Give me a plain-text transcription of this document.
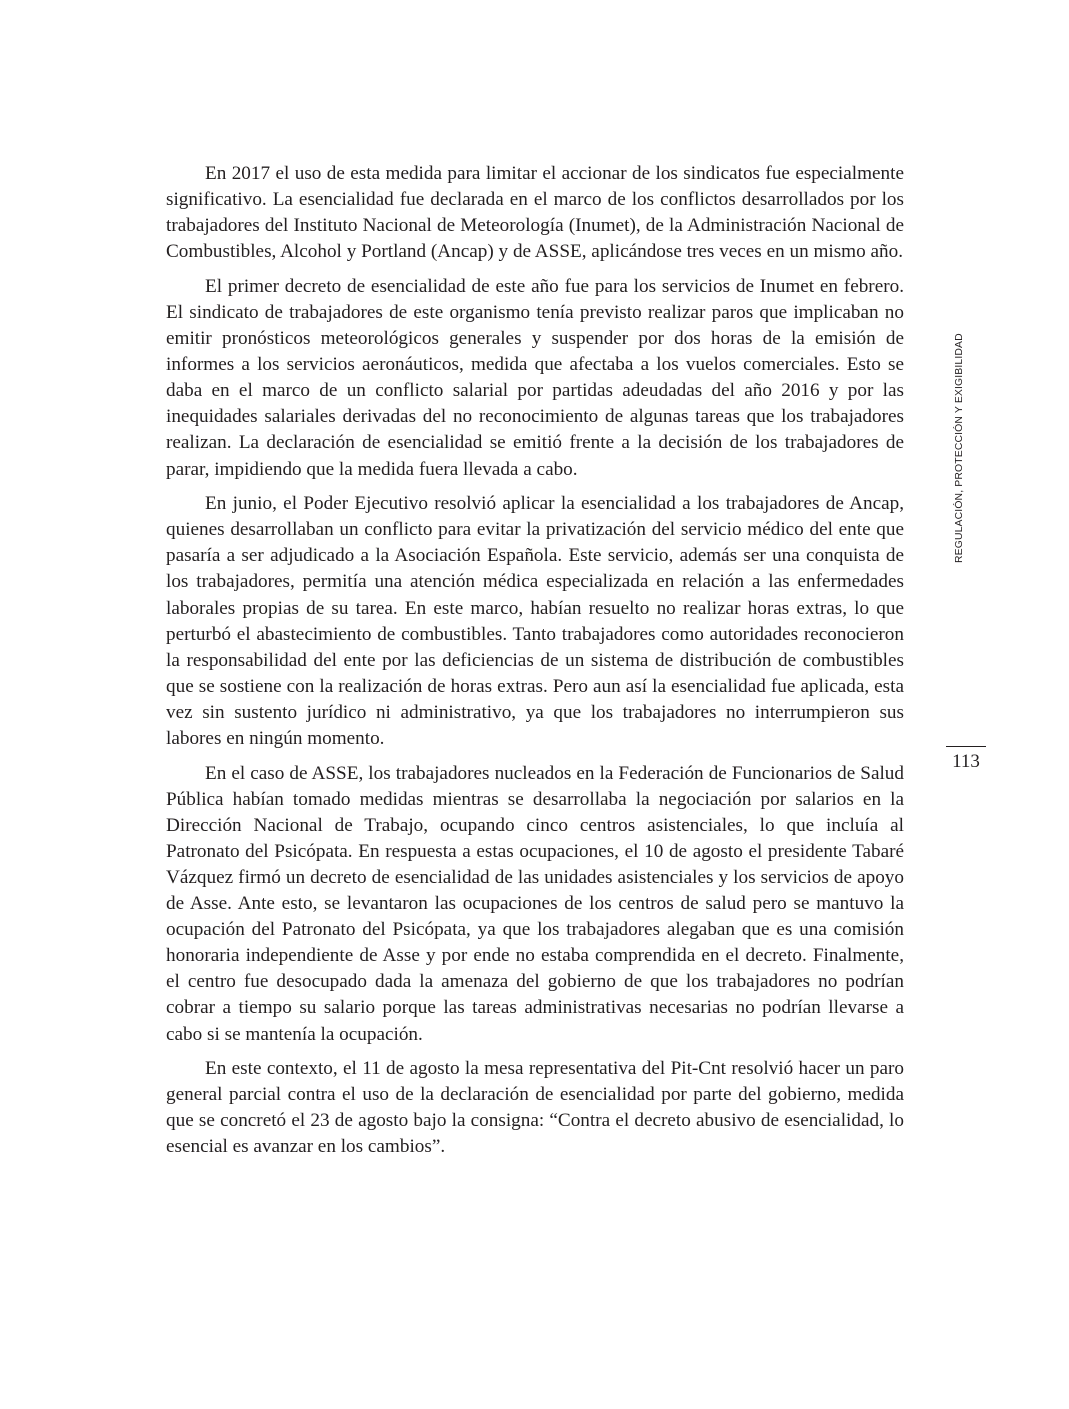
En 2017 el uso de esta medida para limitar el accionar de los sindicatos fue especialmente significativo. La esencialidad fue declarada en el marco de los conflictos desarrollados por los trabajadores del Instituto Nacional de Meteorología (Inumet), de la Administración Nacional de Combustibles, Alcohol y Portland (Ancap) y de ASSE, aplicándose tres veces en un mismo año.

El primer decreto de esencialidad de este año fue para los servicios de Inumet en febrero. El sindicato de trabajadores de este organismo tenía previsto realizar paros que implicaban no emitir pronósticos meteorológicos generales y suspender por dos horas de la emisión de informes a los servicios aeronáuticos, medida que afectaba a los vuelos comerciales. Esto se daba en el marco de un conflicto salarial por partidas adeudadas del año 2016 y por las inequidades salariales derivadas del no reconocimiento de algunas tareas que los trabajadores realizan. La declaración de esencialidad se emitió frente a la decisión de los trabajadores de parar, impidiendo que la medida fuera llevada a cabo.

En junio, el Poder Ejecutivo resolvió aplicar la esencialidad a los trabajadores de Ancap, quienes desarrollaban un conflicto para evitar la privatización del servicio médico del ente que pasaría a ser adjudicado a la Asociación Española. Este servicio, además ser una conquista de los trabajadores, permitía una atención médica especializada en relación a las enfermedades laborales propias de su tarea. En este marco, habían resuelto no realizar horas extras, lo que perturbó el abastecimiento de combustibles. Tanto trabajadores como autoridades reconocieron la responsabilidad del ente por las deficiencias de un sistema de distribución de combustibles que se sostiene con la realización de horas extras. Pero aun así la esencialidad fue aplicada, esta vez sin sustento jurídico ni administrativo, ya que los trabajadores no interrumpieron sus labores en ningún momento.

En el caso de ASSE, los trabajadores nucleados en la Federación de Funcionarios de Salud Pública habían tomado medidas mientras se desarrollaba la negociación por salarios en la Dirección Nacional de Trabajo, ocupando cinco centros asistenciales, lo que incluía al Patronato del Psicópata. En respuesta a estas ocupaciones, el 10 de agosto el presidente Tabaré Vázquez firmó un decreto de esencialidad de las unidades asistenciales y los servicios de apoyo de Asse. Ante esto, se levantaron las ocupaciones de los centros de salud pero se mantuvo la ocupación del Patronato del Psicópata, ya que los trabajadores alegaban que es una comisión honoraria independiente de Asse y por ende no estaba comprendida en el decreto. Finalmente, el centro fue desocupado dada la amenaza del gobierno de que los trabajadores no podrían cobrar a tiempo su salario porque las tareas administrativas necesarias no podrían llevarse a cabo si se mantenía la ocupación.

En este contexto, el 11 de agosto la mesa representativa del Pit-Cnt resolvió hacer un paro general parcial contra el uso de la declaración de esencialidad por parte del gobierno, medida que se concretó el 23 de agosto bajo la consigna: “Contra el decreto abusivo de esencialidad, lo esencial es avanzar en los cambios”.

REGULACIÓN, PROTECCIÓN Y EXIGIBILIDAD
113
